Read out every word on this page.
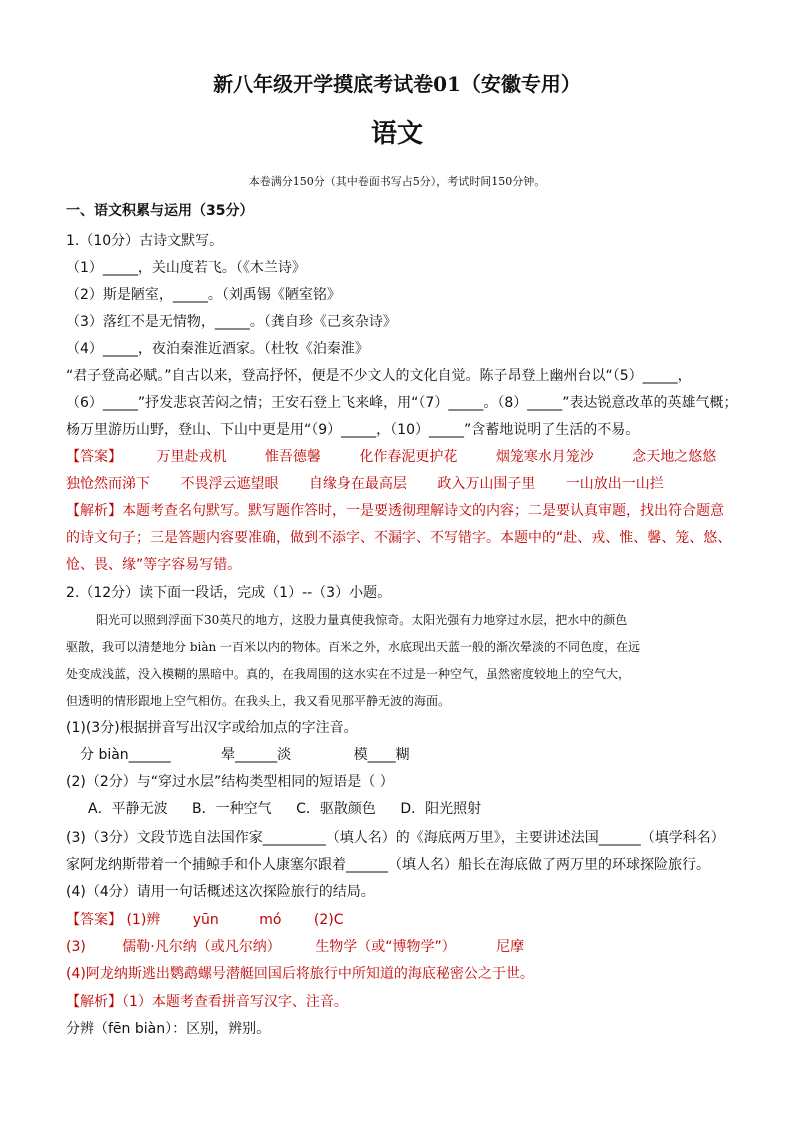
新八年级开学摸底考试卷01（安徽专用）
语文
本卷满分150分（其中卷面书写占5分），考试时间150分钟。
一、语文积累与运用（35分）
1.（10分）古诗文默写。
（1）_____，关山度若飞。（《木兰诗》
（2）斯是陋室，_____。（刘禹锡《陋室铭》
（3）落红不是无情物，_____。（龚自珍《己亥杂诗》
（4）_____，夜泊秦淮近酒家。（杜牧《泊秦淮》
“君子登高必赋。”自古以来，登高抒怀，便是不少文人的文化自觉。陈子昂登上幽州台以“（5）_____，
（6）_____”抒发悲哀苦闷之情；王安石登上飞来峰，用“（7）_____。（8）_____”表达锐意改革的英雄气概；
杨万里游历山野，登山、下山中更是用“（9）_____，（10）_____”含蓄地说明了生活的不易。
【答案】 万里赴戎机	惟吾德馨	化作春泥更护花	烟笼寒水月笼沙	念天地之悠悠
独怆然而涕下 不畏浮云遮望眼 自缘身在最高层 政入万山围子里 一山放出一山拦
【解析】本题考查名句默写。默写题作答时，一是要透彻理解诗文的内容；二是要认真审题，找出符合题意
的诗文句子；三是答题内容要准确，做到不添字、不漏字、不写错字。本题中的“赴、戎、惟、馨、笼、悠、
怆、畏、缘”等字容易写错。
2.（12分）读下面一段话，完成（1）--（3）小题。
阳光可以照到浮面下30英尺的地方，这股力量真使我惊奇。太阳光强有力地穿过水层，把水中的颜色
驱散，我可以清楚地分 biàn 一百米以内的物体。百米之外，水底现出天蓝一般的渐次晕淡的不同色度，在远
处变成浅蓝，没入模糊的黑暗中。真的，在我周围的这水实在不过是一种空气，虽然密度较地上的空气大，
但透明的情形跟地上空气相仿。在我头上，我又看见那平静无波的海面。
(1)(3分)根据拼音写出汉字或给加点的字注音。
分 biàn______	晕______淡	模____糊
(2)（2分）与“穿过水层”结构类型相同的短语是（ ）
A．平静无波 B．一种空气 C．驱散颜色 D．阳光照射
(3)（3分）文段节选自法国作家_________（填人名）的《海底两万里》，主要讲述法国______（填学科名）
家阿龙纳斯带着一个捕鲸手和仆人康塞尔跟着______（填人名）船长在海底做了两万里的环球探险旅行。
(4)（4分）请用一句话概述这次探险旅行的结局。
【答案】 (1)辨 yūn	mó (2)C
(3)	儒勒·凡尔纳（或凡尔纳） 生物学（或“博物学”）	尼摩
(4)阿龙纳斯逃出鹦鹉螺号潜艇回国后将旅行中所知道的海底秘密公之于世。
【解析】（1）本题考查看拼音写汉字、注音。
分辨（fēn biàn）：区别，辨别。
